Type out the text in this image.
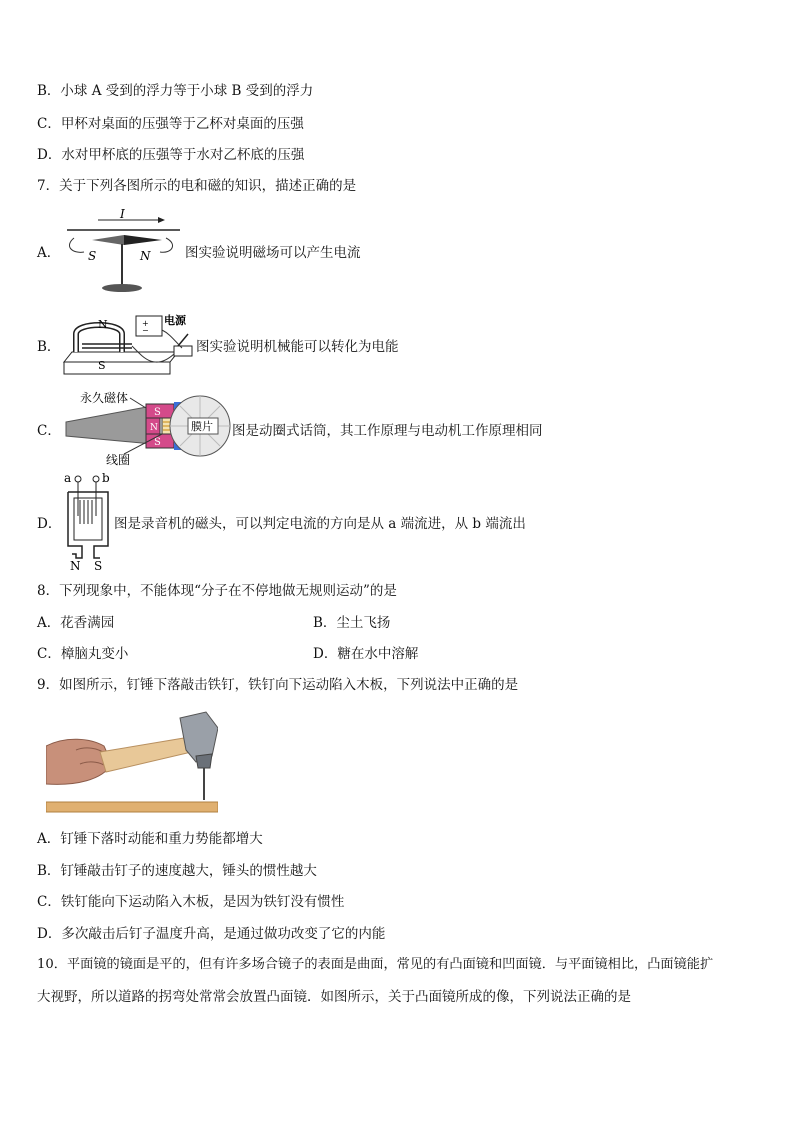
B．小球 A 受到的浮力等于小球 B 受到的浮力
C．甲杯对桌面的压强等于乙杯对桌面的压强
D．水对甲杯底的压强等于水对乙杯底的压强
7．关于下列各图所示的电和磁的知识，描述正确的是
A．
I
S	N	图实验说明磁场可以产生电流
B．
N
S
+
−
电源
图实验说明机械能可以转化为电能
C．
永久磁体
S
S
N	膜片
线圈
图是动圈式话筒，其工作原理与电动机工作原理相同
D．
a	b
N S
图是录音机的磁头，可以判定电流的方向是从 a 端流进，从 b 端流出
8．下列现象中，不能体现“分子在不停地做无规则运动”的是
A．花香满园	B．尘土飞扬
C．樟脑丸变小	D．糖在水中溶解
9．如图所示，钉锤下落敲击铁钉，铁钉向下运动陷入木板，下列说法中正确的是
A．钉锤下落时动能和重力势能都增大
B．钉锤敲击钉子的速度越大，锤头的惯性越大
C．铁钉能向下运动陷入木板，是因为铁钉没有惯性
D．多次敲击后钉子温度升高，是通过做功改变了它的内能
10．平面镜的镜面是平的，但有许多场合镜子的表面是曲面，常见的有凸面镜和凹面镜．与平面镜相比，凸面镜能扩
大视野，所以道路的拐弯处常常会放置凸面镜．如图所示，关于凸面镜所成的像，下列说法正确的是
